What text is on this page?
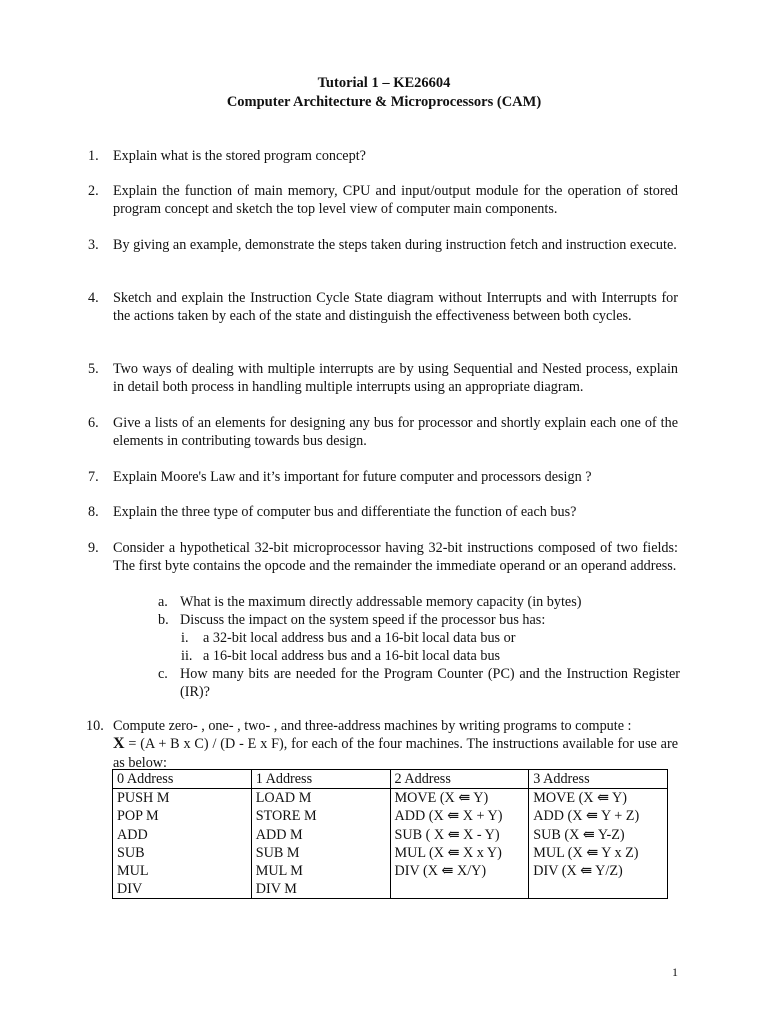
Tutorial 1 – KE26604
Computer Architecture & Microprocessors (CAM)
1. Explain what is the stored program concept?
2. Explain the function of main memory, CPU and input/output module for the operation of stored program concept and sketch the top level view of computer main components.
3. By giving an example, demonstrate the steps taken during instruction fetch and instruction execute.
4. Sketch and explain the Instruction Cycle State diagram without Interrupts and with Interrupts for the actions taken by each of the state and distinguish the effectiveness between both cycles.
5. Two ways of dealing with multiple interrupts are by using Sequential and Nested process, explain in detail both process in handling multiple interrupts using an appropriate diagram.
6. Give a lists of an elements for designing any bus for processor and shortly explain each one of the elements in contributing towards bus design.
7. Explain Moore's Law and it’s important for future computer and processors design ?
8. Explain the three type of computer bus and differentiate the function of each bus?
9. Consider a hypothetical 32-bit microprocessor having 32-bit instructions composed of two fields: The first byte contains the opcode and the remainder the immediate operand or an operand address.
a. What is the maximum directly addressable memory capacity (in bytes)
b. Discuss the impact on the system speed if the processor bus has:
i. a 32-bit local address bus and a 16-bit local data bus or
ii. a 16-bit local address bus and a 16-bit local data bus
c. How many bits are needed for the Program Counter (PC) and the Instruction Register (IR)?
10. Compute zero- , one- , two- , and three-address machines by writing programs to compute :
X = (A + B x C) / (D - E x F), for each of the four machines. The instructions available for use are as below:
0 Address	1 Address	2 Address	3 Address
PUSH M	LOAD M	MOVE (X ⇚ Y)	MOVE (X ⇚ Y)
POP M	STORE M	ADD (X ⇚ X + Y)	ADD (X ⇚ Y + Z)
ADD	ADD M	SUB ( X ⇚ X - Y)	SUB (X ⇚ Y-Z)
SUB	SUB M	MUL (X ⇚ X x Y)	MUL (X ⇚ Y x Z)
MUL	MUL M	DIV (X ⇚ X/Y)	DIV (X ⇚ Y/Z)
DIV	DIV M		
1
